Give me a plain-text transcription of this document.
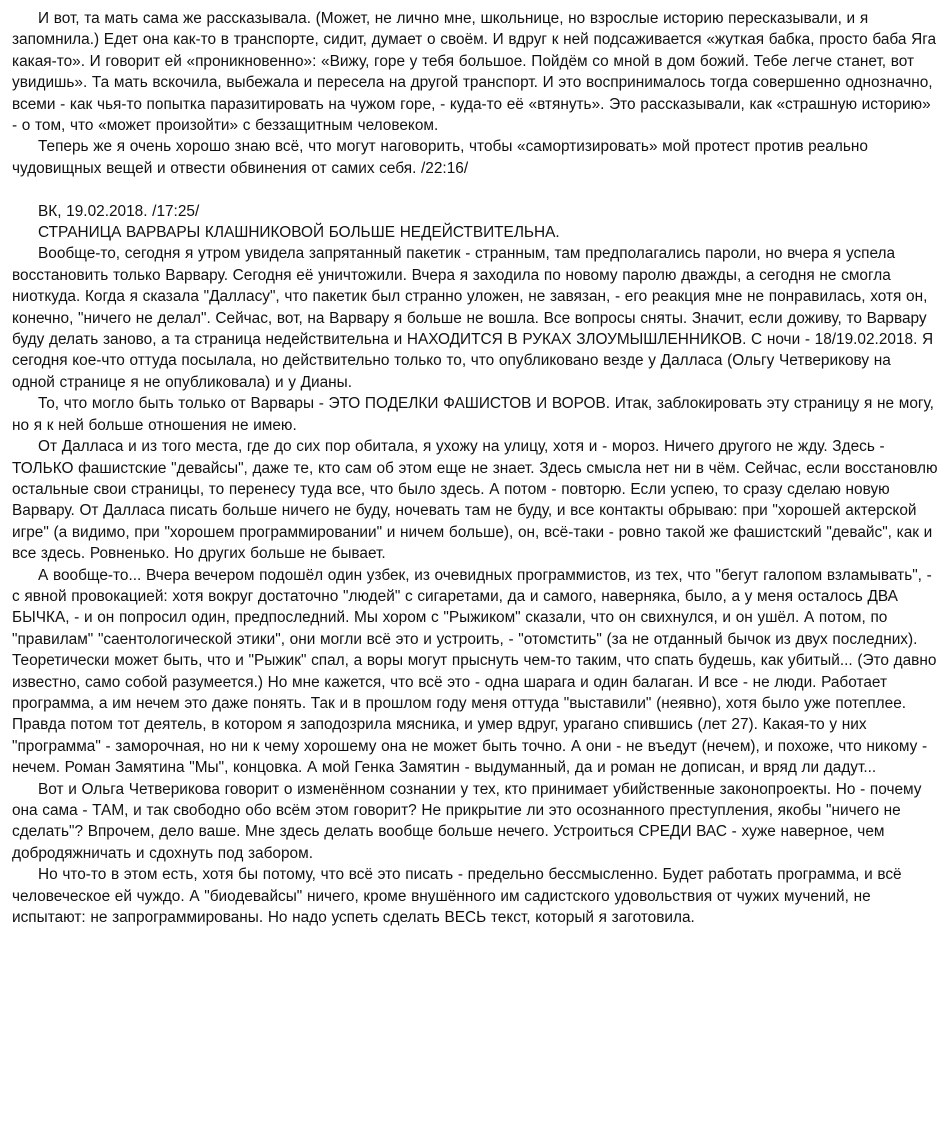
И вот, та мать сама же рассказывала. (Может, не лично мне, школьнице, но взрослые историю пересказывали, и я запомнила.) Едет она как-то в транспорте, сидит, думает о своём. И вдруг к ней подсаживается «жуткая бабка, просто баба Яга какая-то». И говорит ей «проникновенно»: «Вижу, горе у тебя большое. Пойдём со мной в дом божий. Тебе легче станет, вот увидишь». Та мать вскочила, выбежала и пересела на другой транспорт. И это воспринималось тогда совершенно однозначно, всеми - как чья-то попытка паразитировать на чужом горе, - куда-то её «втянуть». Это рассказывали, как «страшную историю» - о том, что «может произойти» с беззащитным человеком.

Теперь же я очень хорошо знаю всё, что могут наговорить, чтобы «самортизировать» мой протест против реально чудовищных вещей и отвести обвинения от самих себя. /22:16/

ВК, 19.02.2018. /17:25/

СТРАНИЦА ВАРВАРЫ КЛАШНИКОВОЙ БОЛЬШЕ НЕДЕЙСТВИТЕЛЬНА.

Вообще-то, сегодня я утром увидела запрятанный пакетик - странным, там предполагались пароли, но вчера я успела восстановить только Варвару. Сегодня её уничтожили. Вчера я заходила по новому паролю дважды, а сегодня не смогла ниоткуда. Когда я сказала "Далласу", что пакетик был странно уложен, не завязан, - его реакция мне не понравилась, хотя он, конечно, "ничего не делал". Сейчас, вот, на Варвару я больше не вошла. Все вопросы сняты. Значит, если доживу, то Варвару буду делать заново, а та страница недействительна и НАХОДИТСЯ В РУКАХ ЗЛОУМЫШЛЕННИКОВ. С ночи - 18/19.02.2018. Я сегодня кое-что оттуда посылала, но действительно только то, что опубликовано везде у Далласа (Ольгу Четверикову на одной странице я не опубликовала) и у Дианы.

То, что могло быть только от Варвары - ЭТО ПОДЕЛКИ ФАШИСТОВ И ВОРОВ. Итак, заблокировать эту страницу я не могу, но я к ней больше отношения не имею.

От Далласа и из того места, где до сих пор обитала, я ухожу на улицу, хотя и - мороз. Ничего другого не жду. Здесь - ТОЛЬКО фашистские "девайсы", даже те, кто сам об этом еще не знает. Здесь смысла нет ни в чём. Сейчас, если восстановлю остальные свои страницы, то перенесу туда все, что было здесь. А потом - повторю. Если успею, то сразу сделаю новую Варвару. От Далласа писать больше ничего не буду, ночевать там не буду, и все контакты обрываю: при "хорошей актерской игре" (а видимо, при "хорошем программировании" и ничем больше), он, всё-таки - ровно такой же фашистский "девайс", как и все здесь. Ровненько. Но других больше не бывает.

А вообще-то... Вчера вечером подошёл один узбек, из очевидных программистов, из тех, что "бегут галопом взламывать", - с явной провокацией: хотя вокруг достаточно "людей" с сигаретами, да и самого, наверняка, было, а у меня осталось ДВА БЫЧКА, - и он попросил один, предпоследний. Мы хором с "Рыжиком" сказали, что он свихнулся, и он ушёл. А потом, по "правилам" "саентологической этики", они могли всё это и устроить, - "отомстить" (за не отданный бычок из двух последних). Теоретически может быть, что и "Рыжик" спал, а воры могут прыснуть чем-то таким, что спать будешь, как убитый... (Это давно известно, само собой разумеется.) Но мне кажется, что всё это - одна шарага и один балаган. И все - не люди. Работает программа, а им нечем это даже понять. Так и в прошлом году меня оттуда "выставили" (неявно), хотя было уже потеплее. Правда потом тот деятель, в котором я заподозрила мясника, и умер вдруг, урагано спившись (лет 27). Какая-то у них "программа" - заморочная, но ни к чему хорошему она не может быть точно. А они - не въедут (нечем), и похоже, что никому - нечем. Роман Замятина "Мы", концовка. А мой Генка Замятин - выдуманный, да и роман не дописан, и вряд ли дадут...

Вот и Ольга Четверикова говорит о изменённом сознании у тех, кто принимает убийственные законопроекты. Но - почему она сама - ТАМ, и так свободно обо всём этом говорит? Не прикрытие ли это осознанного преступления, якобы "ничего не сделать"? Впрочем, дело ваше. Мне здесь делать вообще больше нечего. Устроиться СРЕДИ ВАС - хуже наверное, чем добродяжничать и сдохнуть под забором.

Но что-то в этом есть, хотя бы потому, что всё это писать - предельно бессмысленно. Будет работать программа, и всё человеческое ей чуждо. А "биодевайсы" ничего, кроме внушённого им садистского удовольствия от чужих мучений, не испытают: не запрограммированы. Но надо успеть сделать ВЕСЬ текст, который я заготовила.
